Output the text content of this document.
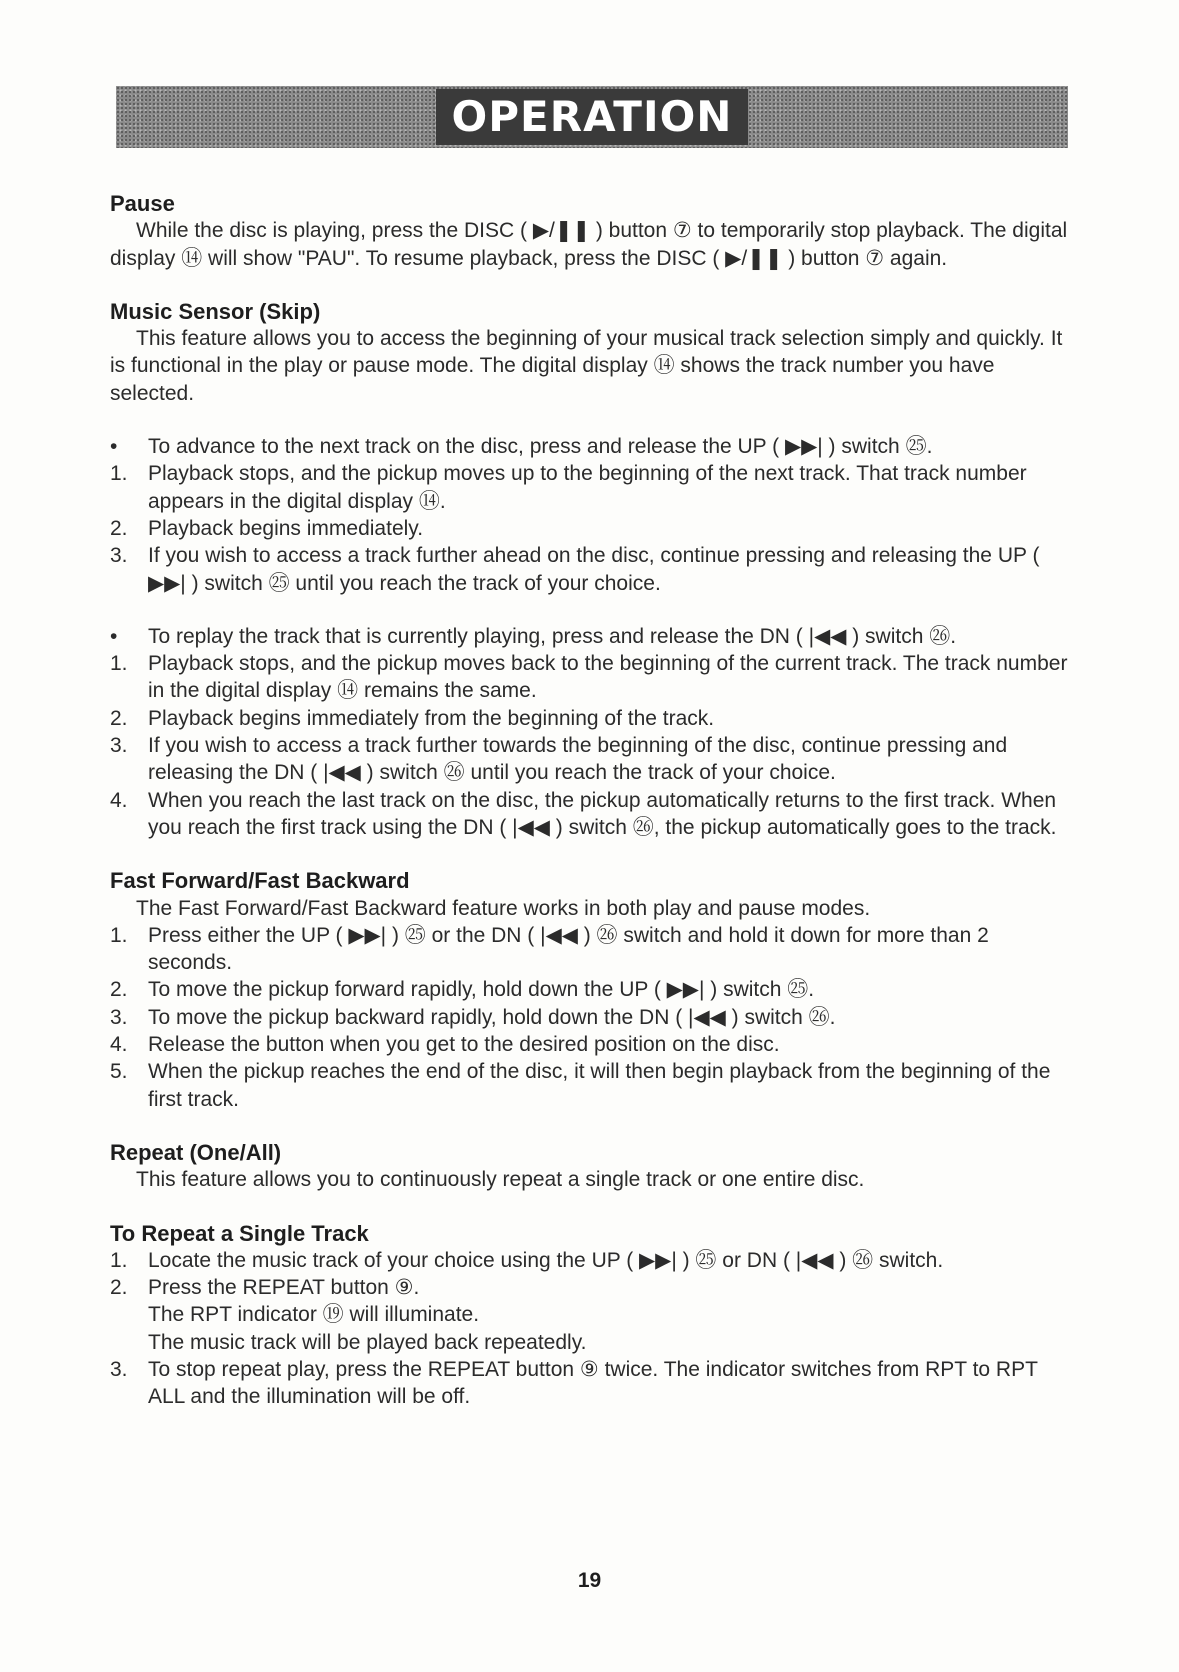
OPERATION

Pause

While the disc is playing, press the DISC ( ▶/❚❚ ) button ⑦ to temporarily stop playback. The digital display ⑭ will show "PAU". To resume playback, press the DISC ( ▶/❚❚ ) button ⑦ again.

Music Sensor (Skip)

This feature allows you to access the beginning of your musical track selection simply and quickly. It is functional in the play or pause mode. The digital display ⑭ shows the track number you have selected.

•	To advance to the next track on the disc, press and release the UP ( ▶▶| ) switch ㉕.
1. Playback stops, and the pickup moves up to the beginning of the next track. That track number appears in the digital display ⑭.
2. Playback begins immediately.
3. If you wish to access a track further ahead on the disc, continue pressing and releasing the UP ( ▶▶| ) switch ㉕ until you reach the track of your choice.
•	To replay the track that is currently playing, press and release the DN ( |◀◀ ) switch ㉖.
1. Playback stops, and the pickup moves back to the beginning of the current track. The track number in the digital display ⑭ remains the same.
2. Playback begins immediately from the beginning of the track.
3. If you wish to access a track further towards the beginning of the disc, continue pressing and releasing the DN ( |◀◀ ) switch ㉖ until you reach the track of your choice.
4. When you reach the last track on the disc, the pickup automatically returns to the first track. When you reach the first track using the DN ( |◀◀ ) switch ㉖, the pickup automatically goes to the track.

Fast Forward/Fast Backward

The Fast Forward/Fast Backward feature works in both play and pause modes.

1. Press either the UP ( ▶▶| ) ㉕ or the DN ( |◀◀ ) ㉖ switch and hold it down for more than 2 seconds.
2. To move the pickup forward rapidly, hold down the UP ( ▶▶| ) switch ㉕.
3. To move the pickup backward rapidly, hold down the DN ( |◀◀ ) switch ㉖.
4. Release the button when you get to the desired position on the disc.
5. When the pickup reaches the end of the disc, it will then begin playback from the beginning of the first track.

Repeat (One/All)

This feature allows you to continuously repeat a single track or one entire disc.

To Repeat a Single Track

1. Locate the music track of your choice using the UP ( ▶▶| ) ㉕ or DN ( |◀◀ ) ㉖ switch.
2. Press the REPEAT button ⑨.
The RPT indicator ⑲ will illuminate.
The music track will be played back repeatedly.
3. To stop repeat play, press the REPEAT button ⑨ twice. The indicator switches from RPT to RPT ALL and the illumination will be off.
19
